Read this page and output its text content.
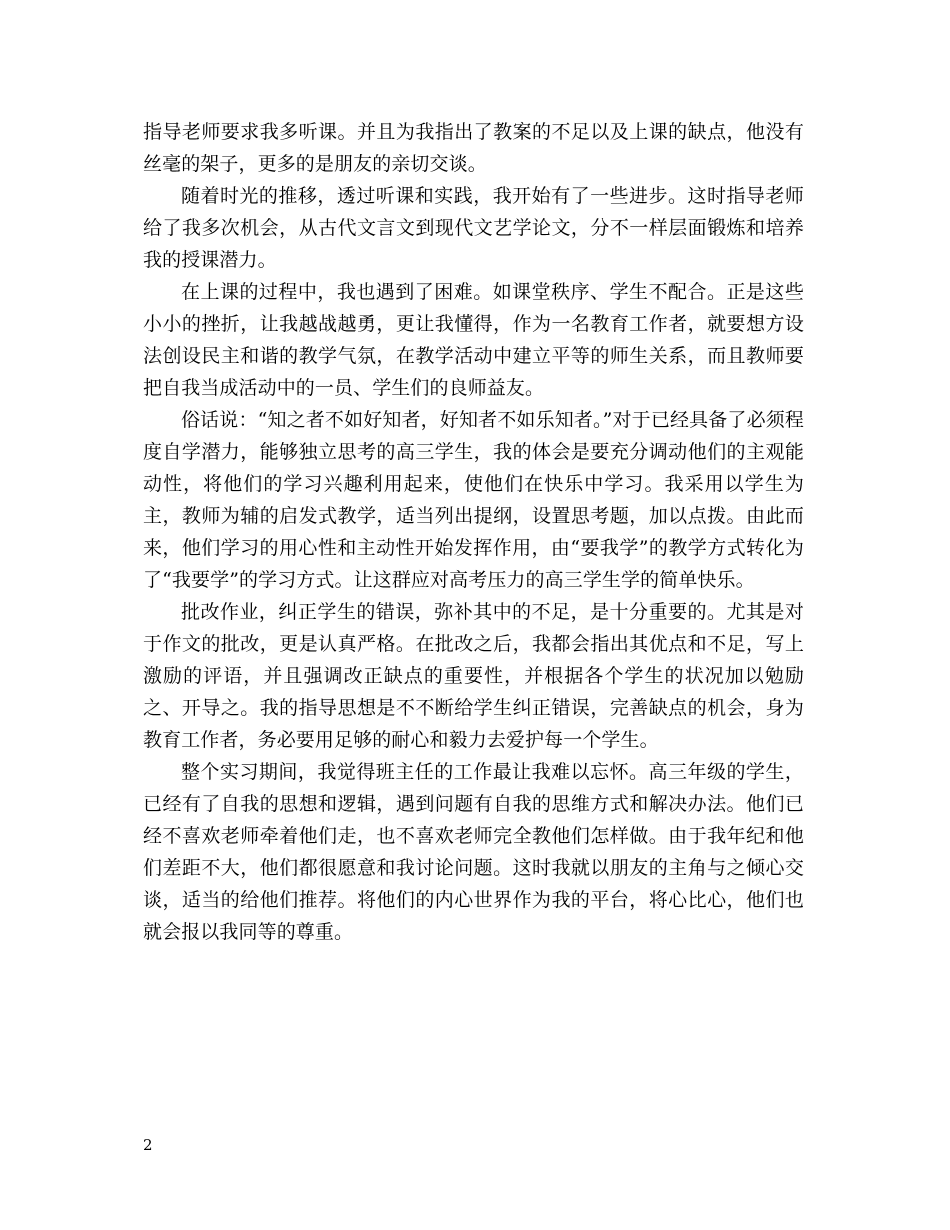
指导老师要求我多听课。并且为我指出了教案的不足以及上课的缺点，他没有丝毫的架子，更多的是朋友的亲切交谈。

随着时光的推移，透过听课和实践，我开始有了一些进步。这时指导老师给了我多次机会，从古代文言文到现代文艺学论文，分不一样层面锻炼和培养我的授课潜力。

在上课的过程中，我也遇到了困难。如课堂秩序、学生不配合。正是这些小小的挫折，让我越战越勇，更让我懂得，作为一名教育工作者，就要想方设法创设民主和谐的教学气氛，在教学活动中建立平等的师生关系，而且教师要把自我当成活动中的一员、学生们的良师益友。

俗话说：“知之者不如好知者，好知者不如乐知者。”对于已经具备了必须程度自学潜力，能够独立思考的高三学生，我的体会是要充分调动他们的主观能动性，将他们的学习兴趣利用起来，使他们在快乐中学习。我采用以学生为主，教师为辅的启发式教学，适当列出提纲，设置思考题，加以点拨。由此而来，他们学习的用心性和主动性开始发挥作用，由“要我学”的教学方式转化为了“我要学”的学习方式。让这群应对高考压力的高三学生学的简单快乐。

批改作业，纠正学生的错误，弥补其中的不足，是十分重要的。尤其是对于作文的批改，更是认真严格。在批改之后，我都会指出其优点和不足，写上激励的评语，并且强调改正缺点的重要性，并根据各个学生的状况加以勉励之、开导之。我的指导思想是不不断给学生纠正错误，完善缺点的机会，身为教育工作者，务必要用足够的耐心和毅力去爱护每一个学生。

整个实习期间，我觉得班主任的工作最让我难以忘怀。高三年级的学生，已经有了自我的思想和逻辑，遇到问题有自我的思维方式和解决办法。他们已经不喜欢老师牵着他们走，也不喜欢老师完全教他们怎样做。由于我年纪和他们差距不大，他们都很愿意和我讨论问题。这时我就以朋友的主角与之倾心交谈，适当的给他们推荐。将他们的内心世界作为我的平台，将心比心，他们也就会报以我同等的尊重。

2
